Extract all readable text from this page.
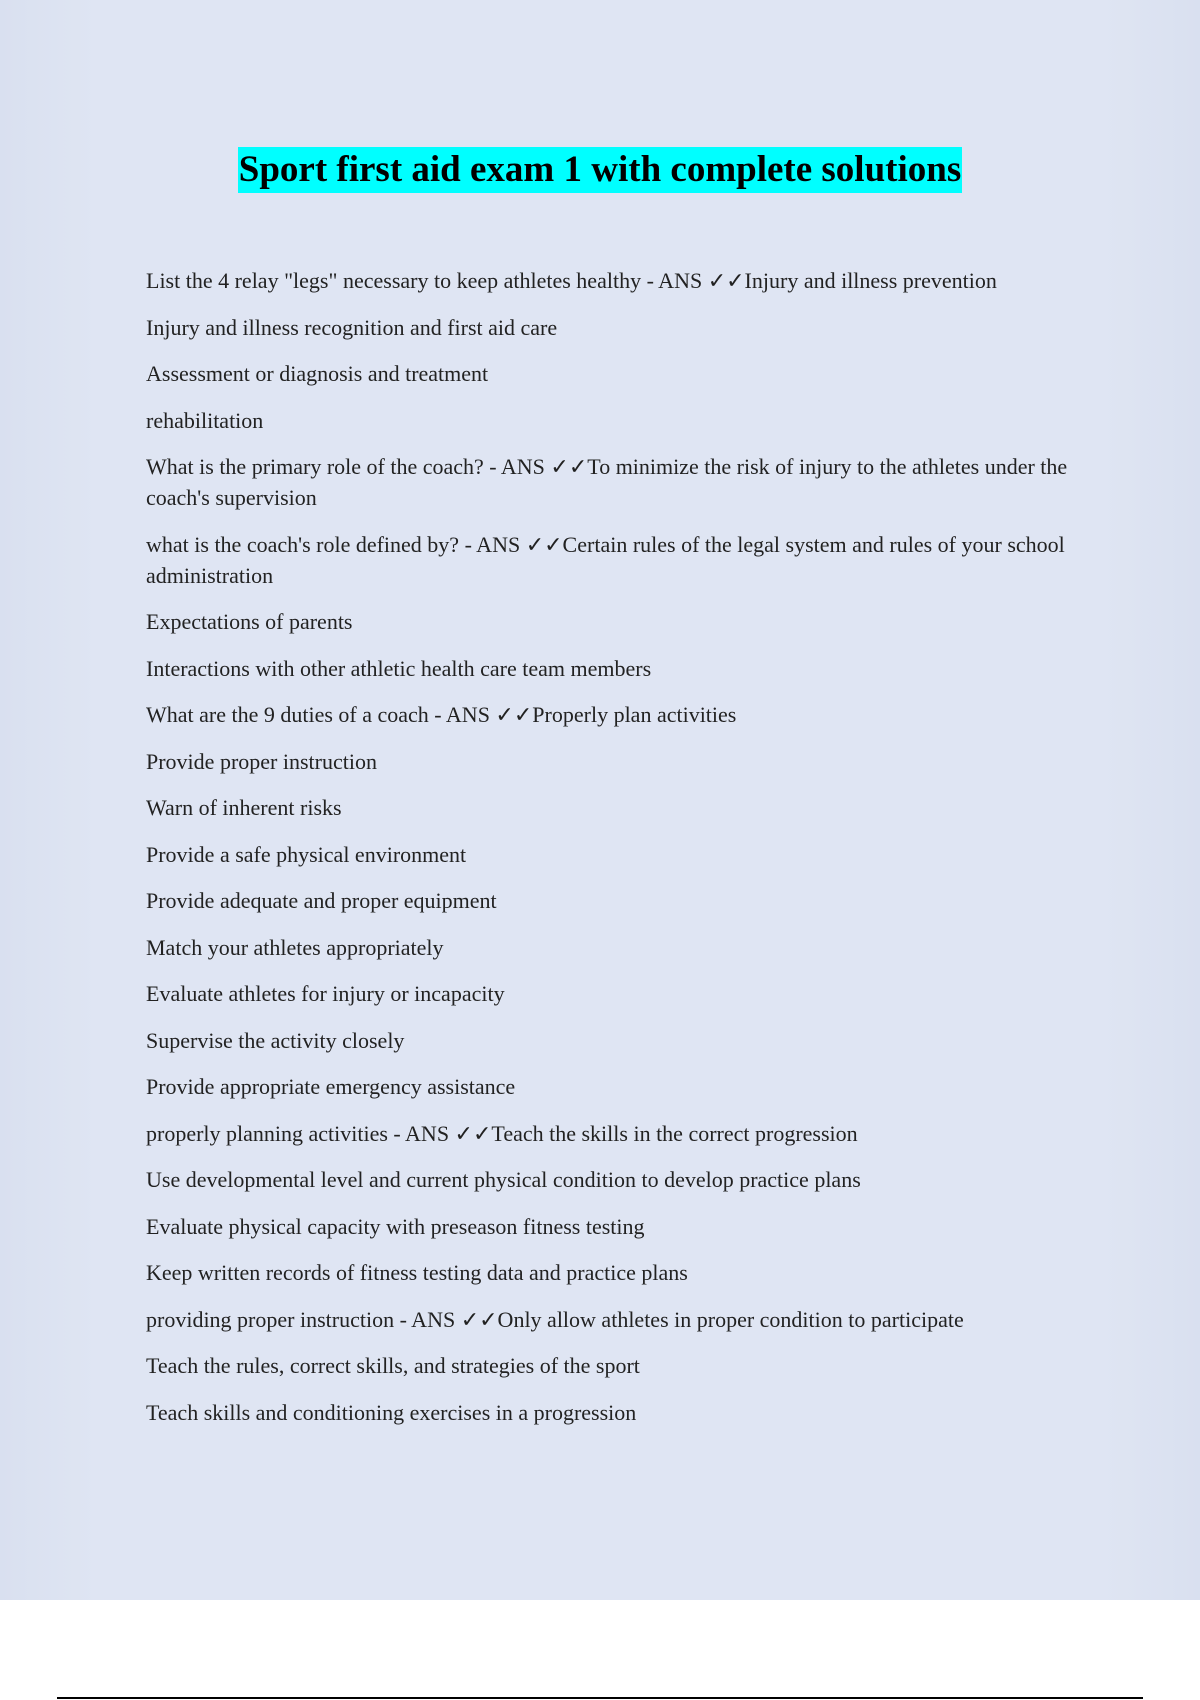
Sport first aid exam 1 with complete solutions
List the 4 relay "legs" necessary to keep athletes healthy - ANS ✓✓Injury and illness prevention
Injury and illness recognition and first aid care
Assessment or diagnosis and treatment
rehabilitation
What is the primary role of the coach? - ANS ✓✓To minimize the risk of injury to the athletes under the coach's supervision
what is the coach's role defined by? - ANS ✓✓Certain rules of the legal system and rules of your school administration
Expectations of parents
Interactions with other athletic health care team members
What are the 9 duties of a coach - ANS ✓✓Properly plan activities
Provide proper instruction
Warn of inherent risks
Provide a safe physical environment
Provide adequate and proper equipment
Match your athletes appropriately
Evaluate athletes for injury or incapacity
Supervise the activity closely
Provide appropriate emergency assistance
properly planning activities - ANS ✓✓Teach the skills in the correct progression
Use developmental level and current physical condition to develop practice plans
Evaluate physical capacity with preseason fitness testing
Keep written records of fitness testing data and practice plans
providing proper instruction - ANS ✓✓Only allow athletes in proper condition to participate
Teach the rules, correct skills, and strategies of the sport
Teach skills and conditioning exercises in a progression
